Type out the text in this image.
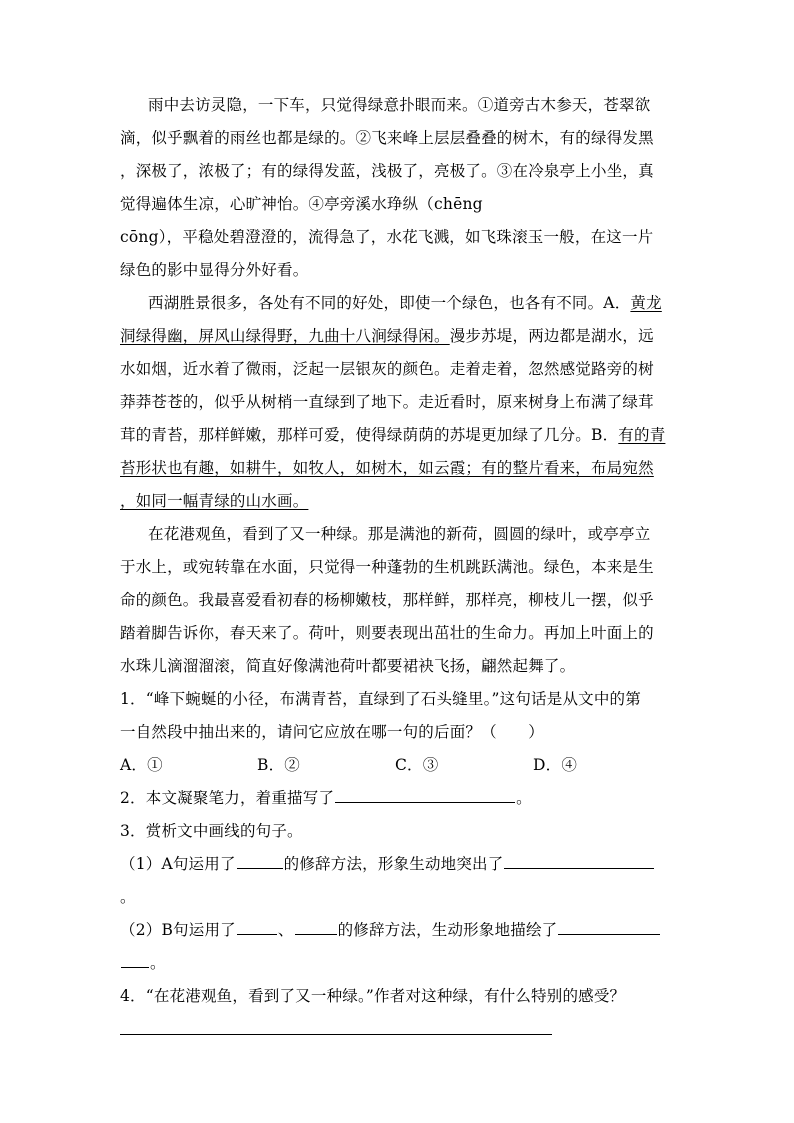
雨中去访灵隐，一下车，只觉得绿意扑眼而来。①道旁古木参天，苍翠欲
滴，似乎飘着的雨丝也都是绿的。②飞来峰上层层叠叠的树木，有的绿得发黑
，深极了，浓极了；有的绿得发蓝，浅极了，亮极了。③在冷泉亭上小坐，真
觉得遍体生凉，心旷神怡。④亭旁溪水琤纵（chēng
cōng），平稳处碧澄澄的，流得急了，水花飞溅，如飞珠滚玉一般，在这一片
绿色的影中显得分外好看。
西湖胜景很多，各处有不同的好处，即使一个绿色，也各有不同。A．黄龙
洞绿得幽，屏风山绿得野，九曲十八涧绿得闲。漫步苏堤，两边都是湖水，远
水如烟，近水着了微雨，泛起一层银灰的颜色。走着走着，忽然感觉路旁的树
莽莽苍苍的，似乎从树梢一直绿到了地下。走近看时，原来树身上布满了绿茸
茸的青苔，那样鲜嫩，那样可爱，使得绿荫荫的苏堤更加绿了几分。B．有的青
苔形状也有趣，如耕牛，如牧人，如树木，如云霞；有的整片看来，布局宛然
，如同一幅青绿的山水画。
在花港观鱼，看到了又一种绿。那是满池的新荷，圆圆的绿叶，或亭亭立
于水上，或宛转靠在水面，只觉得一种蓬勃的生机跳跃满池。绿色，本来是生
命的颜色。我最喜爱看初春的杨柳嫩枝，那样鲜，那样亮，柳枝儿一摆，似乎
踏着脚告诉你，春天来了。荷叶，则要表现出茁壮的生命力。再加上叶面上的
水珠儿滴溜溜滚，简直好像满池荷叶都要裙袂飞扬，翩然起舞了。
1．“峰下蜿蜒的小径，布满青苔，直绿到了石头缝里。”这句话是从文中的第
一自然段中抽出来的，请问它应放在哪一句的后面？（　　）
A．①	B．②	C．③	D．④
2．本文凝聚笔力，着重描写了	。
3．赏析文中画线的句子。
（1）A句运用了	的修辞方法，形象生动地突出了
。
（2）B句运用了	、	的修辞方法，生动形象地描绘了
。
4．“在花港观鱼，看到了又一种绿。”作者对这种绿，有什么特别的感受？
